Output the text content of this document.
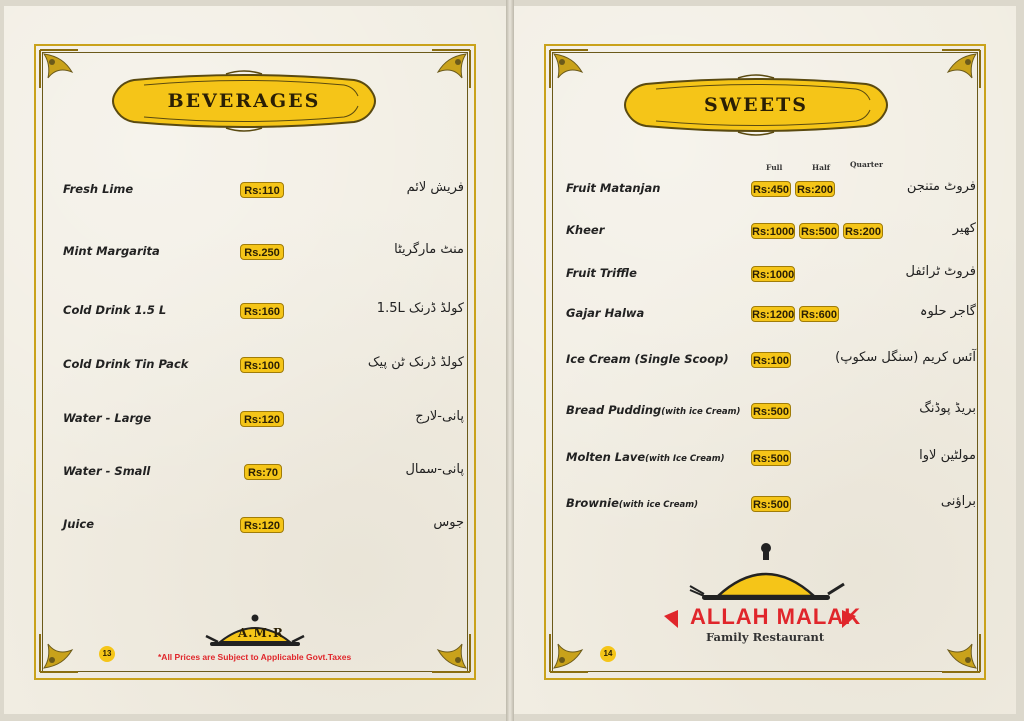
BEVERAGES
Fresh Lime	Rs:110	فریش لائم
Mint Margarita	Rs.250	منٹ مارگریٹا
Cold Drink 1.5 L	Rs:160	کولڈ ڈرنک 1.5L
Cold Drink Tin Pack	Rs:100	کولڈ ڈرنک ٹن پیک
Water - Large	Rs:120	پانی-لارج
Water - Small	Rs:70	پانی-سمال
Juice	Rs:120	جوس
A.M.R
13	*All Prices are Subject to Applicable Govt.Taxes
SWEETS
Full	Half	Quarter
Fruit Matanjan	Rs:450 Rs:200	فروٹ متنجن
Kheer	Rs:1000 Rs:500 Rs:200	کھیر
Fruit Triffle	Rs:1000	فروٹ ٹرائفل
Gajar Halwa	Rs:1200 Rs:600	گاجر حلوہ
Ice Cream (Single Scoop) Rs:100	آئس کریم (سنگل سکوپ)
Bread Pudding(with ice Cream) Rs:500	بریڈ پوڈنگ
Molten Lave(with Ice Cream)	Rs:500	مولٹین لاوا
Brownie(with ice Cream)	Rs:500	براؤنی
ALLAH MALAK
Family Restaurant
14
